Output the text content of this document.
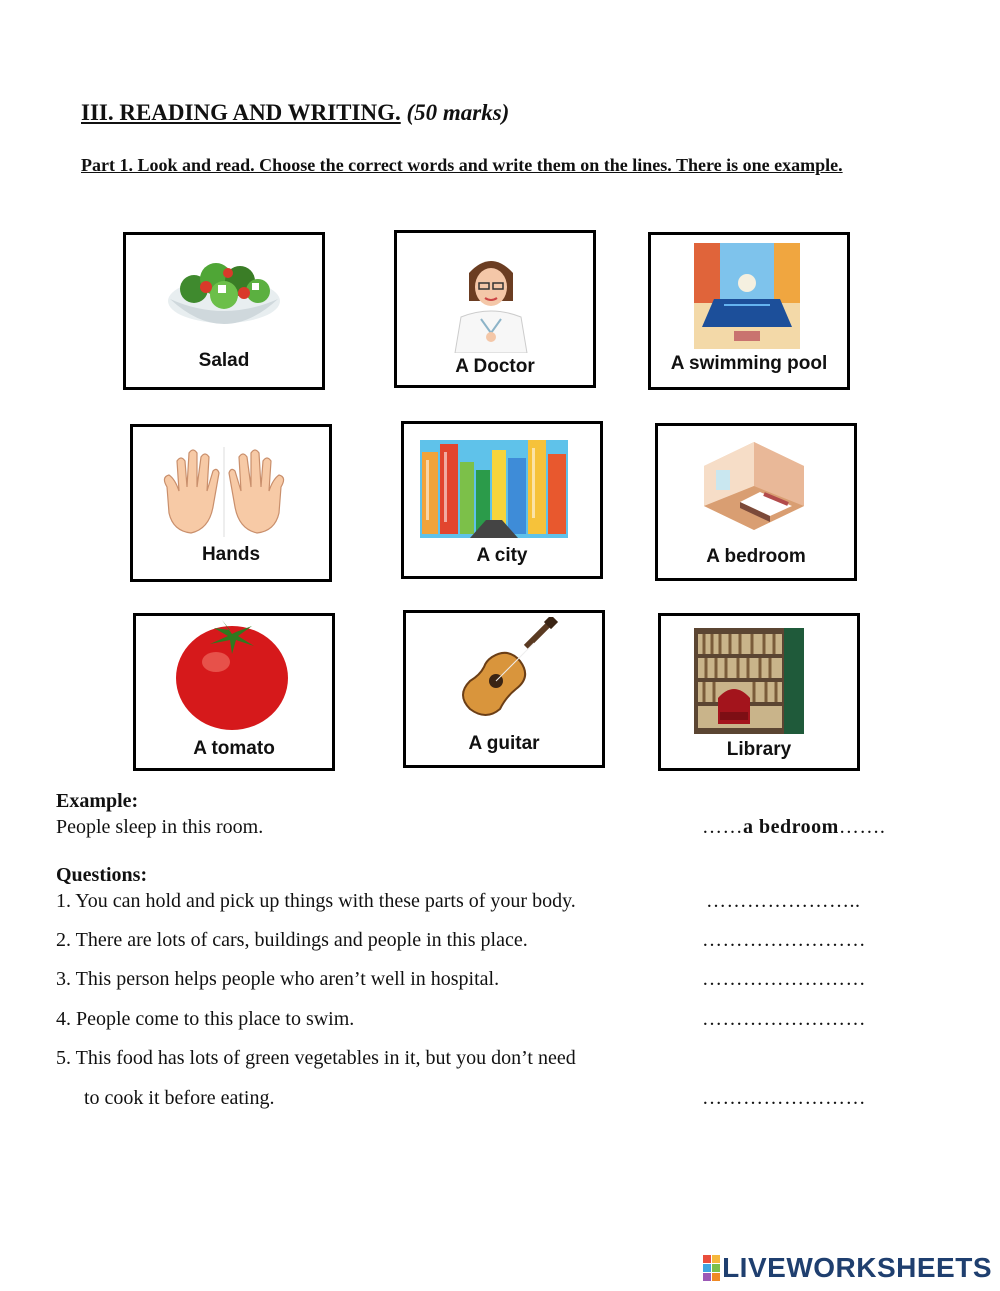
III. READING AND WRITING. (50 marks)
Part 1. Look and read. Choose the correct words and write them on the lines. There is one example.
Salad	A Doctor	A swimming pool
Hands	A city	A bedroom
A tomato	A guitar	Library
Example:
People sleep in this room.	……a bedroom…….
Questions:
1. You can hold and pick up things with these parts of your body.	…………………..
2. There are lots of cars, buildings and people in this place.	……………………
3. This person helps people who aren’t well in hospital.	……………………
4. People come to this place to swim.	……………………
5. This food has lots of green vegetables in it, but you don’t need
to cook it before eating.	……………………
LIVEWORKSHEETS
